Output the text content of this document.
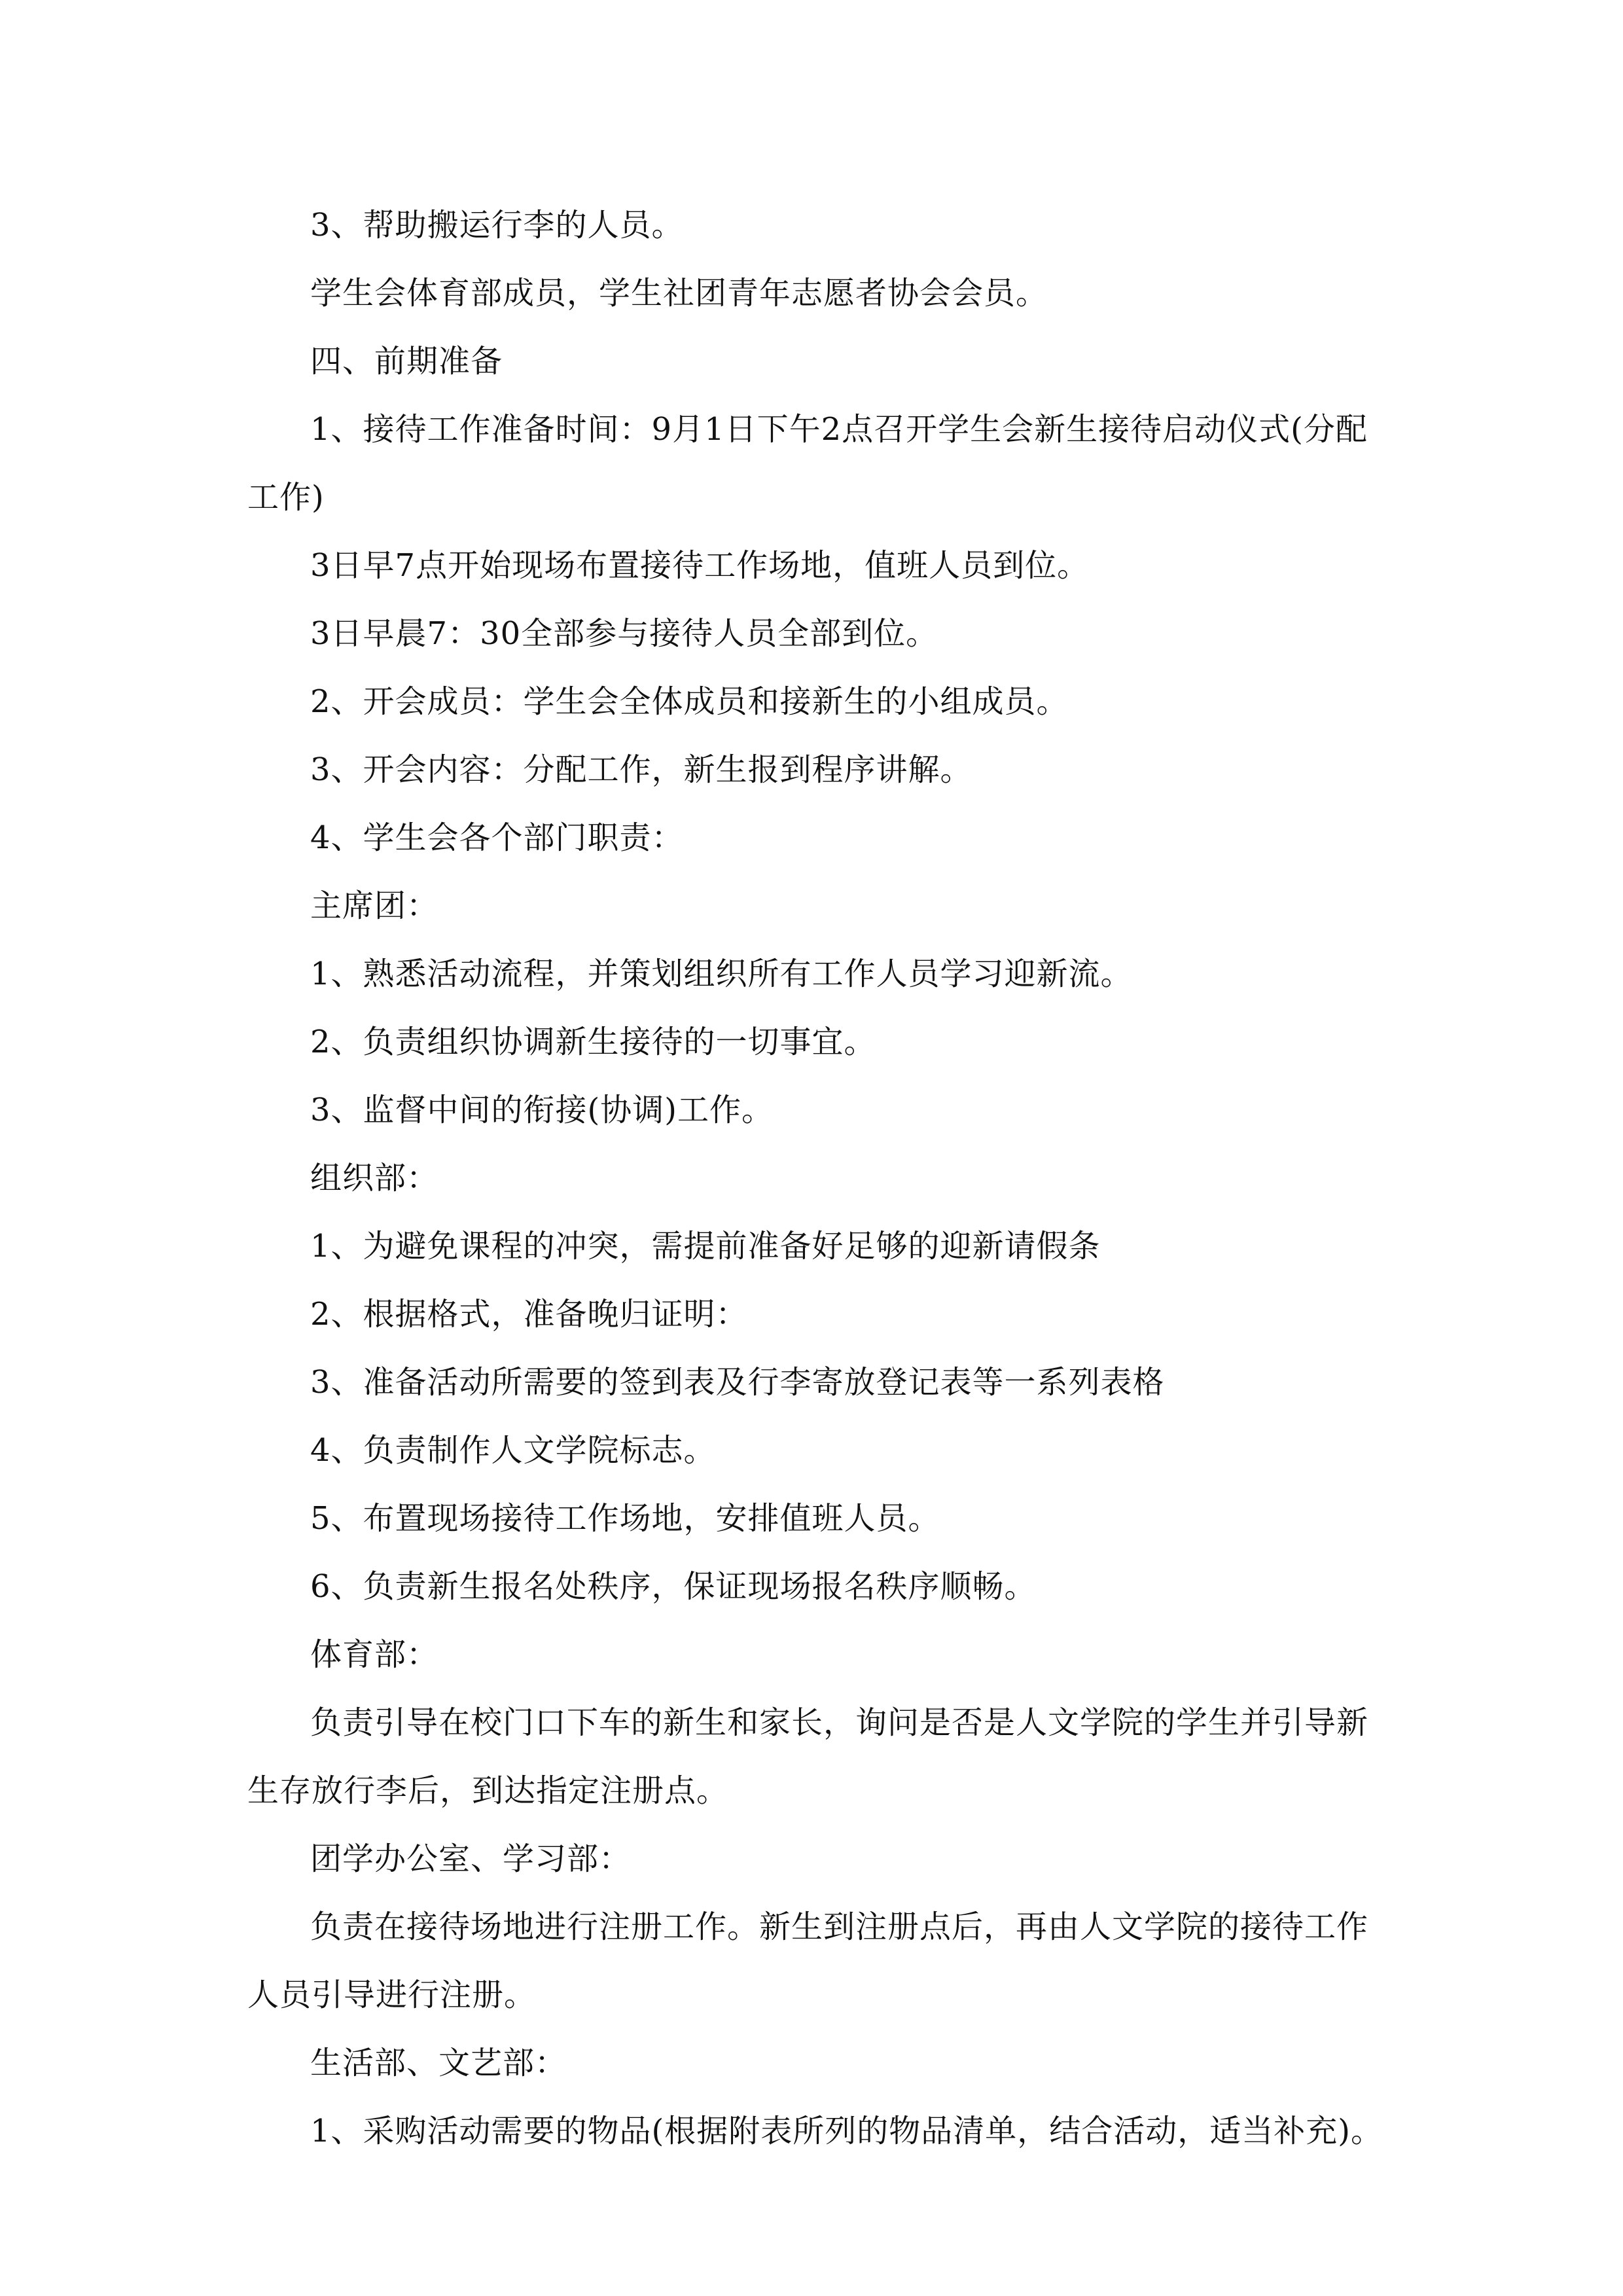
3、帮助搬运行李的人员。

学生会体育部成员，学生社团青年志愿者协会会员。

四、前期准备

1、接待工作准备时间：9月1日下午2点召开学生会新生接待启动仪式(分配工作)

3日早7点开始现场布置接待工作场地，值班人员到位。

3日早晨7：30全部参与接待人员全部到位。

2、开会成员：学生会全体成员和接新生的小组成员。

3、开会内容：分配工作，新生报到程序讲解。

4、学生会各个部门职责：

主席团：

1、熟悉活动流程，并策划组织所有工作人员学习迎新流。

2、负责组织协调新生接待的一切事宜。

3、监督中间的衔接(协调)工作。

组织部：

1、为避免课程的冲突，需提前准备好足够的迎新请假条

2、根据格式，准备晚归证明：

3、准备活动所需要的签到表及行李寄放登记表等一系列表格

4、负责制作人文学院标志。

5、布置现场接待工作场地，安排值班人员。

6、负责新生报名处秩序，保证现场报名秩序顺畅。

体育部：

负责引导在校门口下车的新生和家长，询问是否是人文学院的学生并引导新生存放行李后，到达指定注册点。

团学办公室、学习部：

负责在接待场地进行注册工作。新生到注册点后，再由人文学院的接待工作人员引导进行注册。

生活部、文艺部：

1、采购活动需要的物品(根据附表所列的物品清单，结合活动，适当补充)。
